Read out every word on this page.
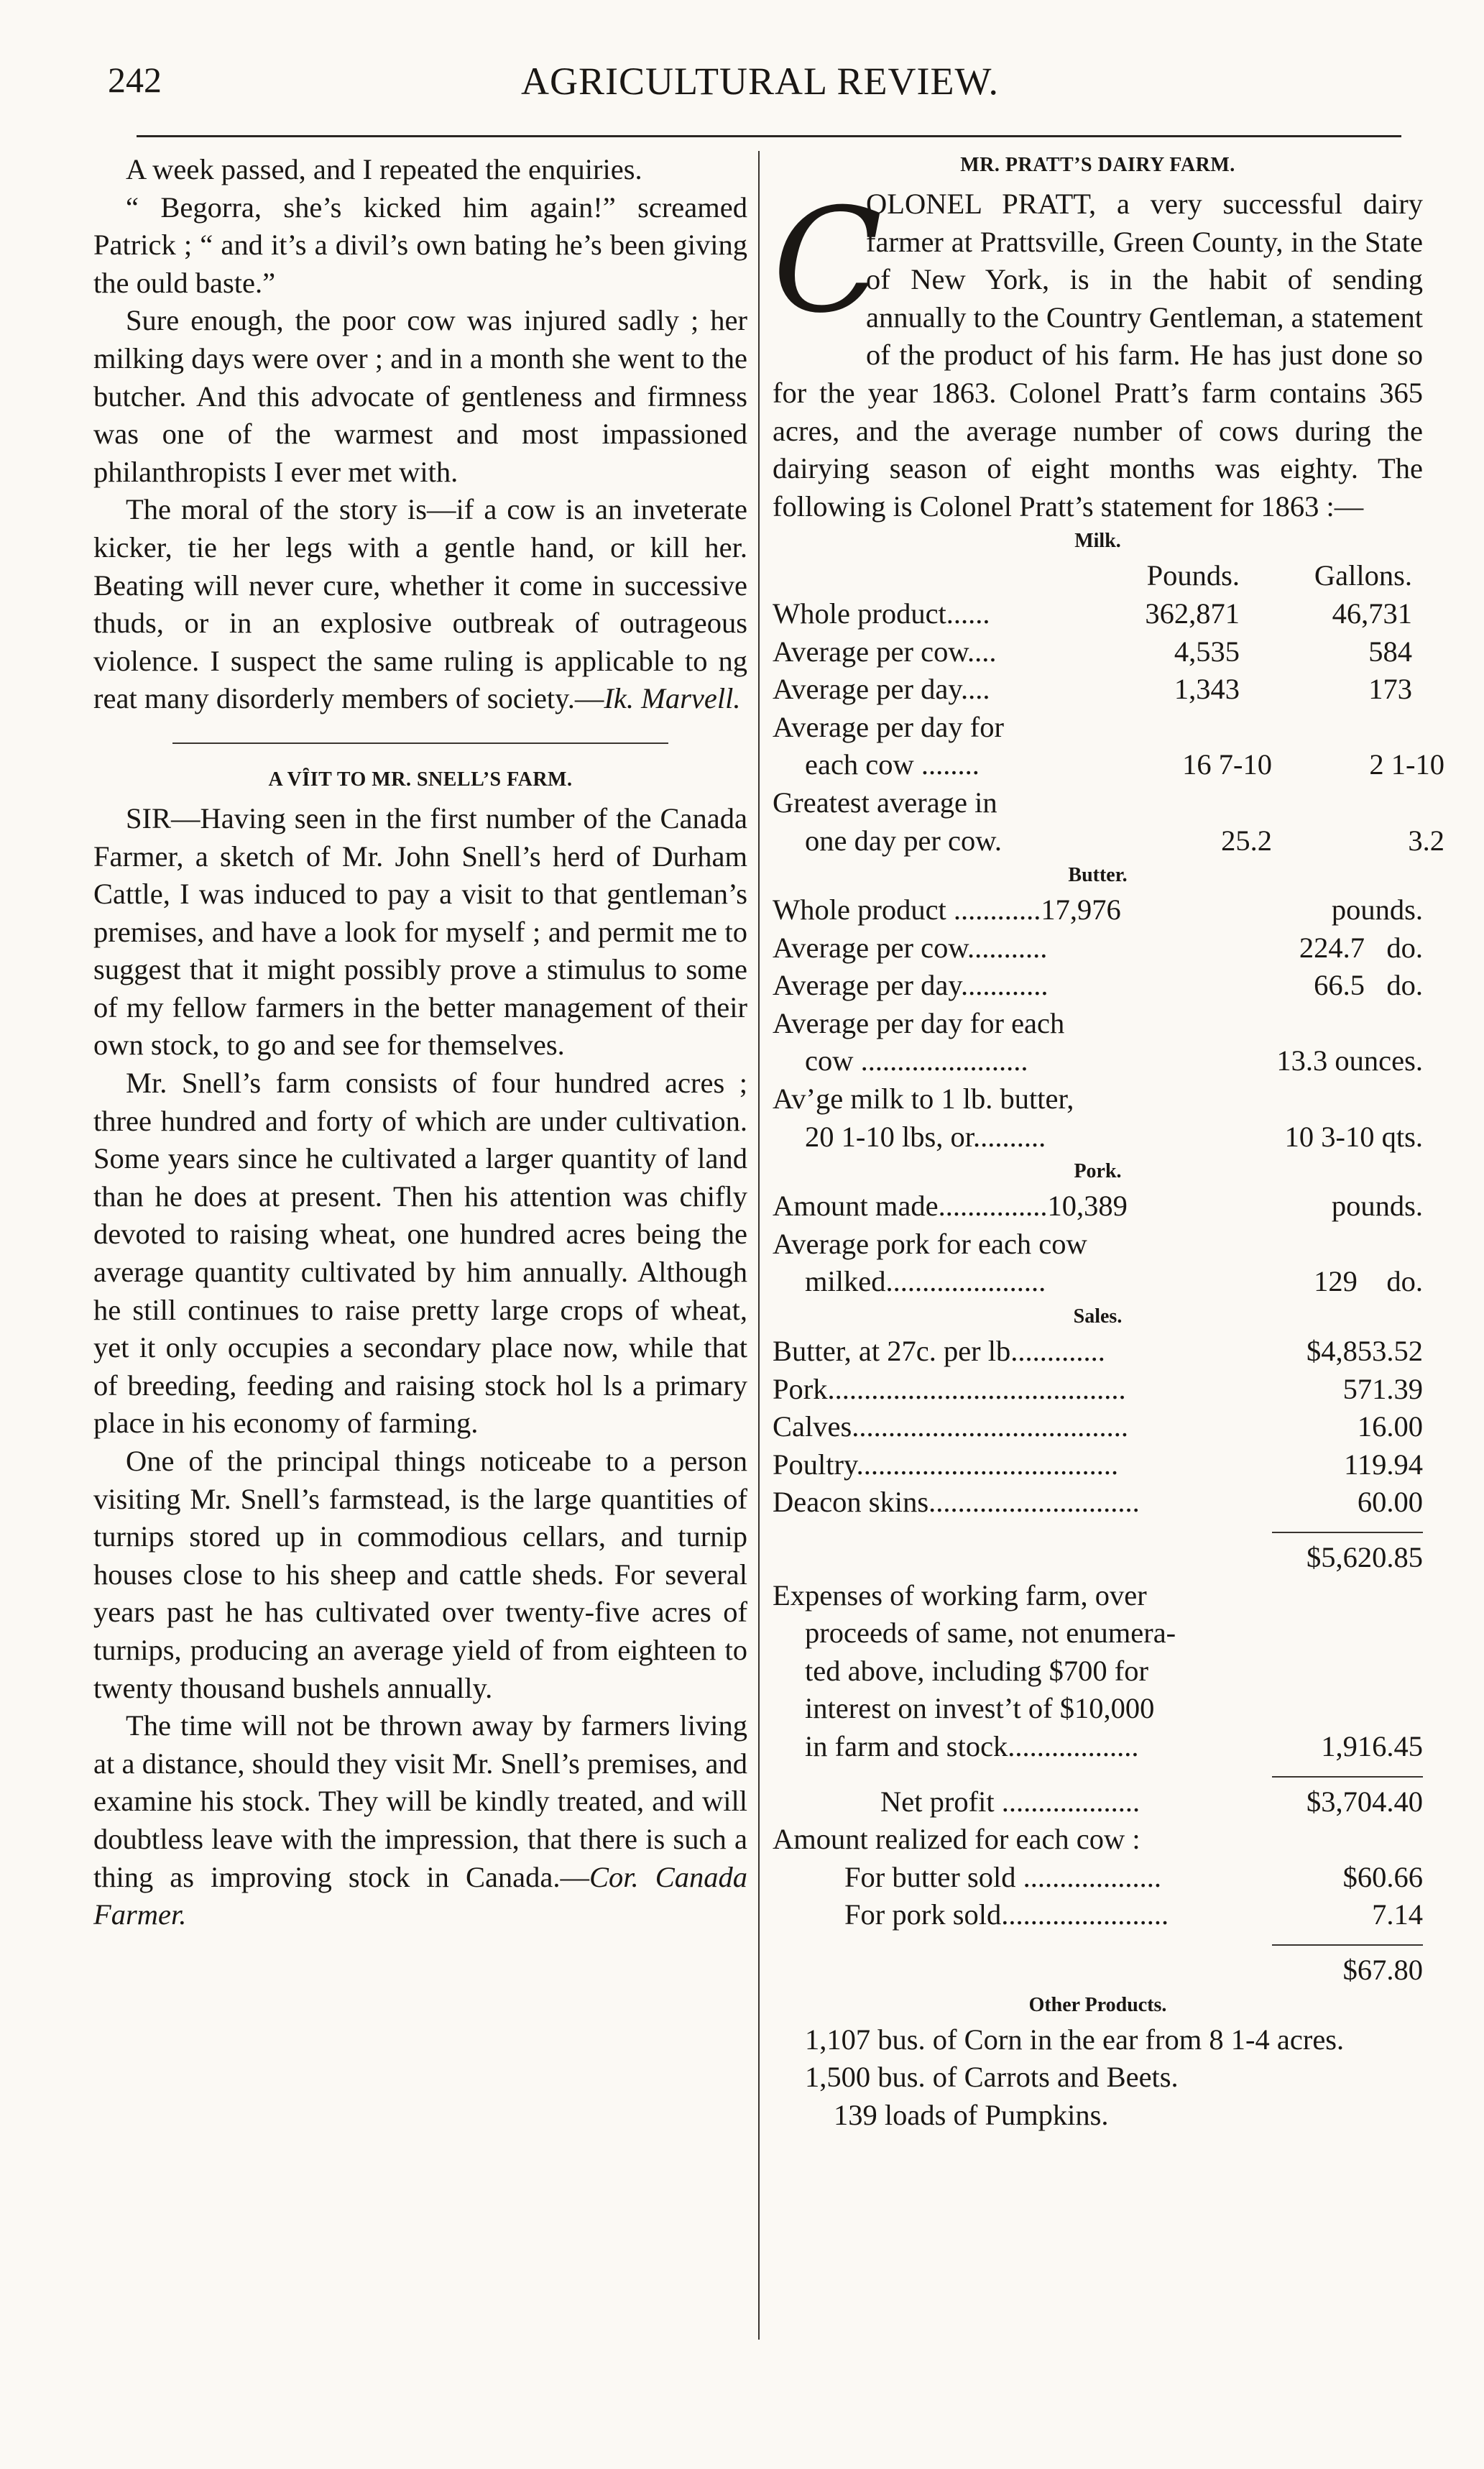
242	AGRICULTURAL REVIEW.

A week passed, and I repeated the enquiries.

“ Begorra, she’s kicked him again!” screamed Patrick ; “ and it’s a divil’s own bating he’s been giving the ould baste.”

Sure enough, the poor cow was injured sadly ; her milking days were over ; and in a month she went to the butcher. And this advocate of gentleness and firmness was one of the warmest and most impassioned philanthropists I ever met with.

The moral of the story is—if a cow is an inveterate kicker, tie her legs with a gentle hand, or kill her. Beating will never cure, whether it come in successive thuds, or in an explosive outbreak of outrageous violence. I suspect the same ruling is applicable to ng reat many disorderly members of society.—Ik. Marvell.

A VȊIT TO MR. SNELL’S FARM.

SIR—Having seen in the first number of the Canada Farmer, a sketch of Mr. John Snell’s herd of Durham Cattle, I was induced to pay a visit to that gentleman’s premises, and have a look for myself ; and permit me to suggest that it might possibly prove a stimulus to some of my fellow farmers in the better management of their own stock, to go and see for themselves.

Mr. Snell’s farm consists of four hundred acres ; three hundred and forty of which are under cultivation. Some years since he cultivated a larger quantity of land than he does at present. Then his attention was chifly devoted to raising wheat, one hundred acres being the average quantity cultivated by him annually. Although he still continues to raise pretty large crops of wheat, yet it only occupies a secondary place now, while that of breeding, feeding and raising stock hol ls a primary place in his economy of farming.

One of the principal things noticeabe to a person visiting Mr. Snell’s farmstead, is the large quantities of turnips stored up in commodious cellars, and turnip houses close to his sheep and cattle sheds. For several years past he has cultivated over twenty-five acres of turnips, producing an average yield of from eighteen to twenty thousand bushels annually.

The time will not be thrown away by farmers living at a distance, should they visit Mr. Snell’s premises, and examine his stock. They will be kindly treated, and will doubtless leave with the impression, that there is such a thing as improving stock in Canada.—Cor. Canada Farmer.

MR. PRATT’S DAIRY FARM.
C

OLONEL PRATT, a very successful dairy farmer at Prattsville, Green County, in the State of New York, is in the habit of sending annually to the Country Gentleman, a statement of the product of his farm. He has just done so for the year 1863. Colonel Pratt’s farm contains 365 acres, and the average number of cows during the dairying season of eight months was eighty. The following is Colonel Pratt’s statement for 1863 :—

Milk.
Pounds.	Gallons.
Whole product......	362,871	46,731
Average per cow....	4,535	584
Average per day....	1,343	173
Average per day for
each cow ........	16 7-10	2 1-10
Greatest average in
one day per cow.	25.2	3.2
Butter.
Whole product ............17,976	pounds.
Average per cow...........	224.7 do.
Average per day............	66.5 do.
Average per day for each
cow .......................	13.3 ounces.
Av’ge milk to 1 lb. butter,
20 1-10 lbs, or..........	10 3-10 qts.
Pork.
Amount made...............10,389	pounds.
Average pork for each cow
milked......................	129 do.
Sales.
Butter, at 27c. per lb.............	$4,853.52
Pork.........................................	571.39
Calves......................................	16.00
Poultry....................................	119.94
Deacon skins.............................	60.00
$5,620.85
Expenses of working farm, over
proceeds of same, not enumera-
ted above, including $700 for
interest on invest’t of $10,000
in farm and stock..................	1,916.45
Net profit ...................	$3,704.40
Amount realized for each cow :
For butter sold ...................	$60.66
For pork sold.......................	7.14
$67.80
Other Products.

1,107 bus. of Corn in the ear from 8 1-4 acres.

1,500 bus. of Carrots and Beets.

139 loads of Pumpkins.
